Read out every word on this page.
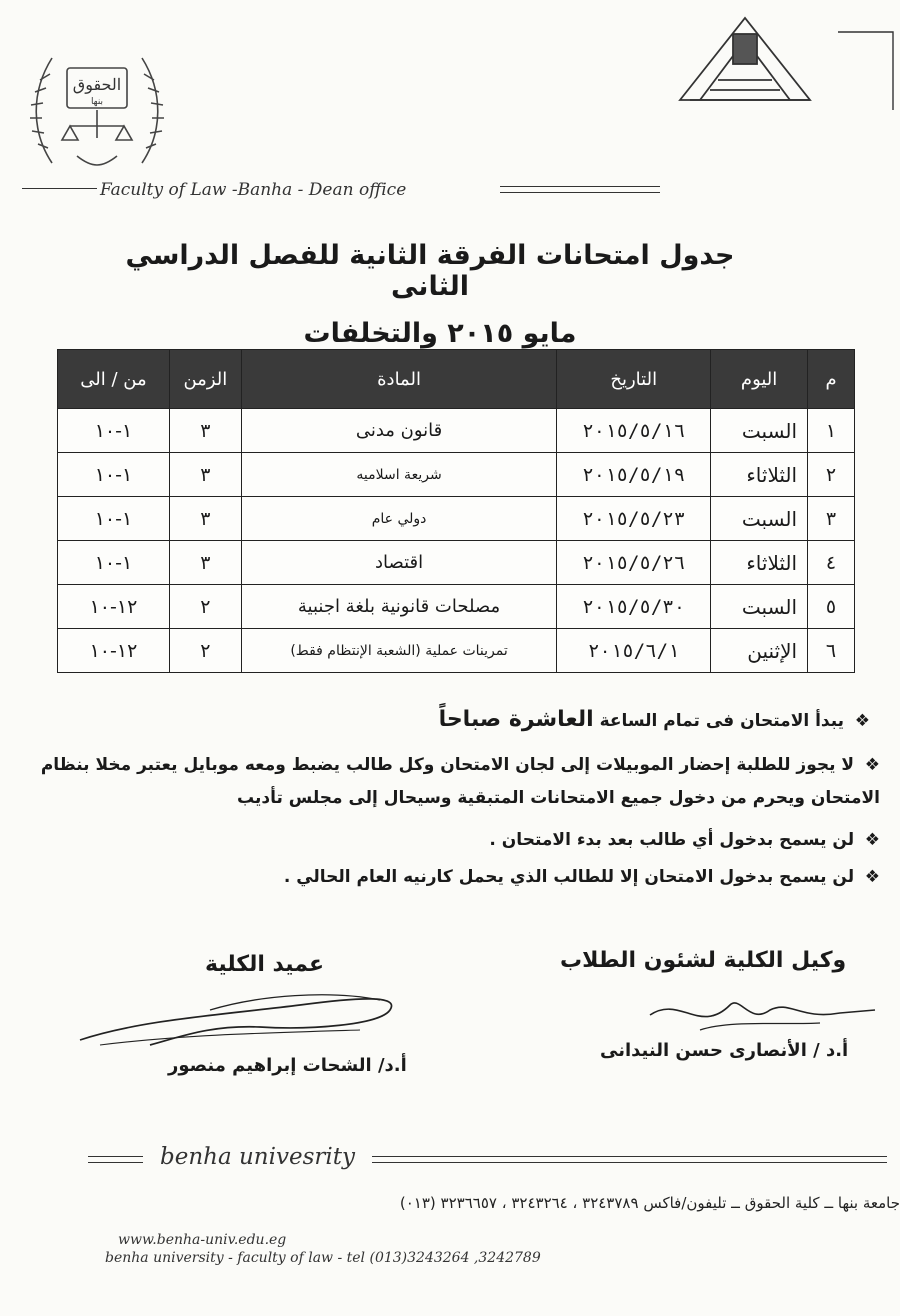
الحقوق
بنها
Faculty of Law -Banha - Dean office
جدول امتحانات الفرقة الثانية للفصل الدراسي الثانى
مايو ٢٠١٥ والتخلفات
م	اليوم	التاريخ	المادة	الزمن	من / الى
١	السبت	٢٠١٥/٥/١٦	قانون مدنى	٣	١-١٠
٢	الثلاثاء	٢٠١٥/٥/١٩	شريعة اسلاميه	٣	١-١٠
٣	السبت	٢٠١٥/٥/٢٣	دولي عام	٣	١-١٠
٤	الثلاثاء	٢٠١٥/٥/٢٦	اقتصاد	٣	١-١٠
٥	السبت	٢٠١٥/٥/٣٠	مصلحات قانونية بلغة اجنبية	٢	١٢-١٠
٦	الإثنين	٢٠١٥/٦/١	تمرينات عملية (الشعبة الإنتظام فقط)	٢	١٢-١٠
❖ يبدأ الامتحان فى تمام الساعة العاشرة صباحاً
❖ لا يجوز للطلبة إحضار الموبيلات إلى لجان الامتحان وكل طالب يضبط ومعه موبايل يعتبر مخلا بنظام الامتحان ويحرم من دخول جميع الامتحانات المتبقية وسيحال إلى مجلس تأديب
❖ لن يسمح بدخول أي طالب بعد بدء الامتحان .
❖ لن يسمح بدخول الامتحان إلا للطالب الذي يحمل كارنيه العام الحالي .
وكيل الكلية لشئون الطلاب
عميد الكلية
أ.د / الأنصارى حسن النيدانى
أ.د/ الشحات إبراهيم منصور
benha univesrity
جامعة بنها ــ كلية الحقوق ــ تليفون/فاكس ٣٢٤٣٧٨٩ ، ٣٢٤٣٢٦٤ ، ٣٢٣٦٦٥٧ (٠١٣)
www.benha-univ.edu.eg
benha university - faculty of law - tel (013)3243264 ,3242789
